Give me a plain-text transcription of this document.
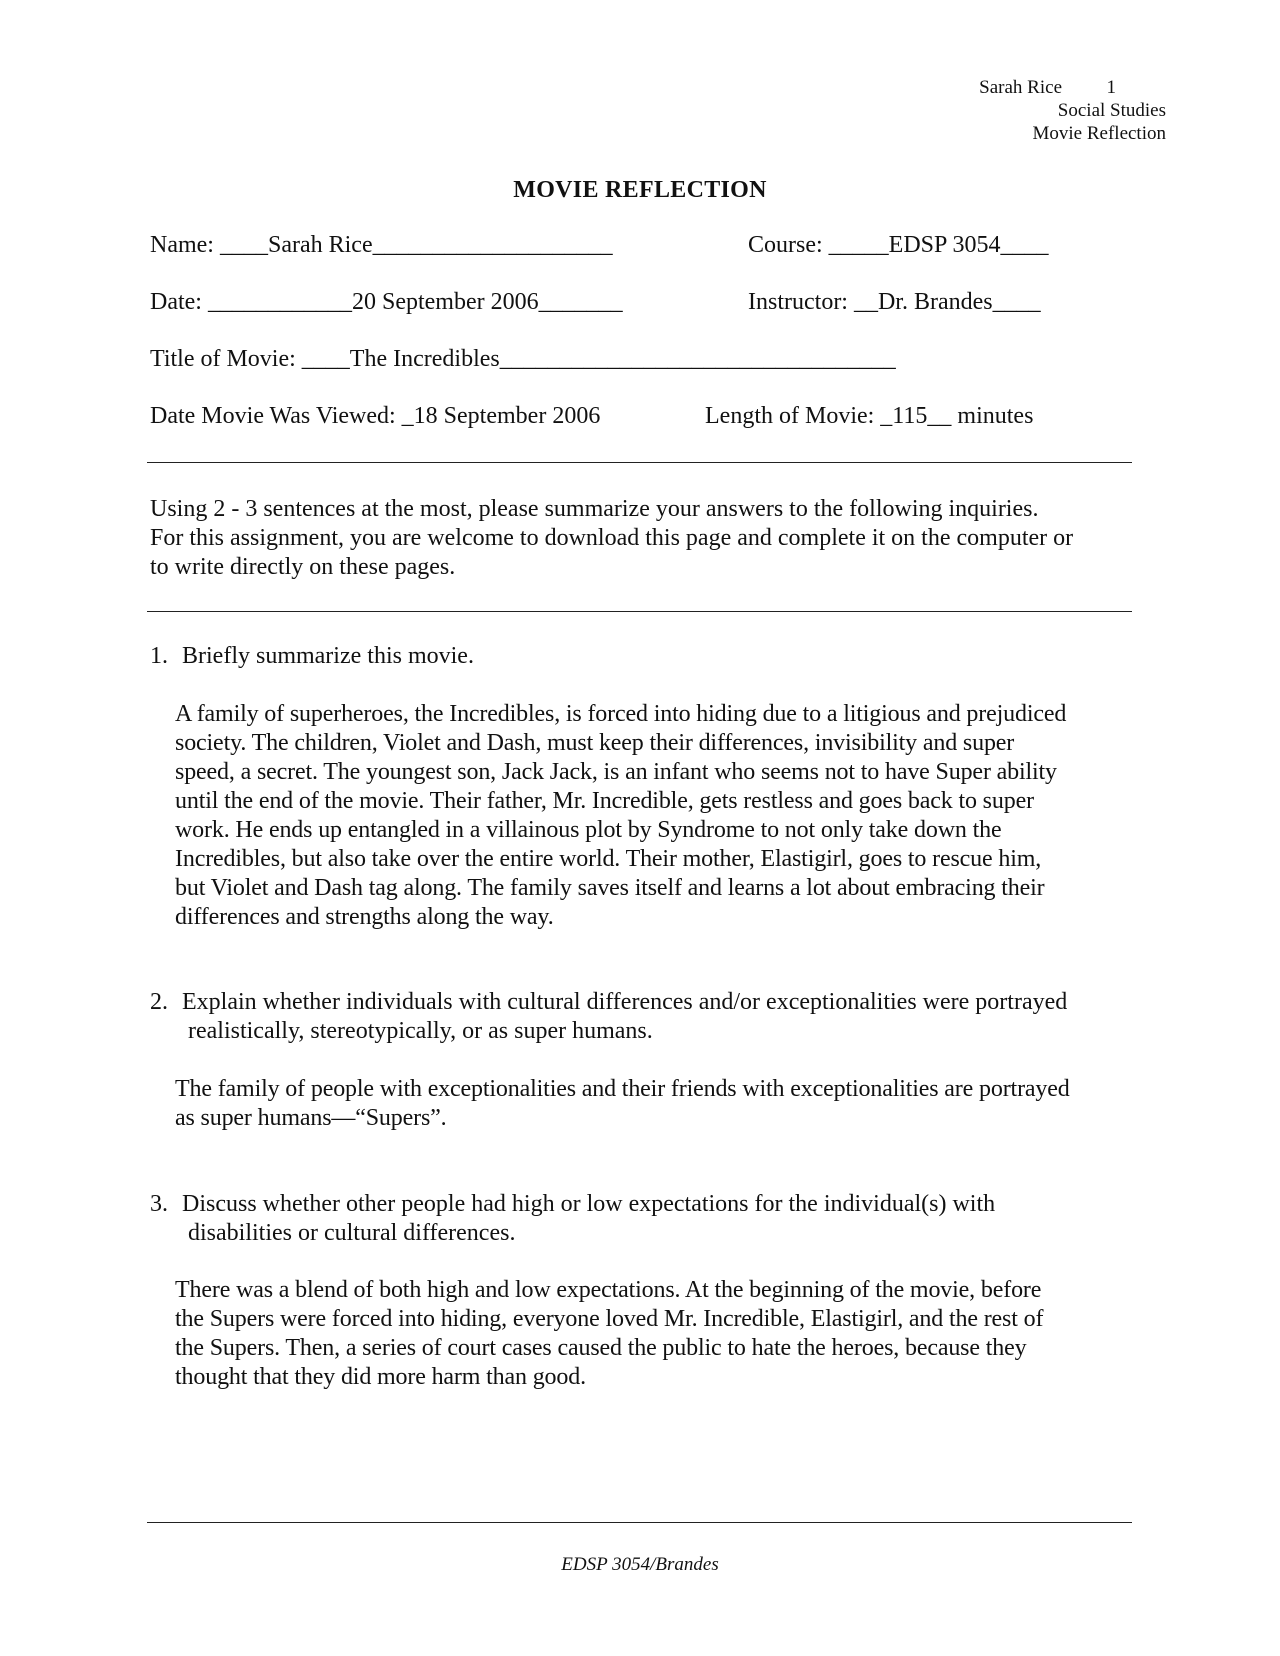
Sarah Rice 1
Social Studies
Movie Reflection
MOVIE REFLECTION
Name: ____Sarah Rice____________________	Course: _____EDSP 3054____
Date: ____________20 September 2006_______	Instructor: __Dr. Brandes____
Title of Movie: ____The Incredibles_________________________________
Date Movie Was Viewed: _18 September 2006	Length of Movie: _115__ minutes
Using 2 - 3 sentences at the most, please summarize your answers to the following inquiries.
For this assignment, you are welcome to download this page and complete it on the computer or
to write directly on these pages.
1. Briefly summarize this movie.
A family of superheroes, the Incredibles, is forced into hiding due to a litigious and prejudiced
society. The children, Violet and Dash, must keep their differences, invisibility and super
speed, a secret. The youngest son, Jack Jack, is an infant who seems not to have Super ability
until the end of the movie. Their father, Mr. Incredible, gets restless and goes back to super
work. He ends up entangled in a villainous plot by Syndrome to not only take down the
Incredibles, but also take over the entire world. Their mother, Elastigirl, goes to rescue him,
but Violet and Dash tag along. The family saves itself and learns a lot about embracing their
differences and strengths along the way.
2. Explain whether individuals with cultural differences and/or exceptionalities were portrayed
realistically, stereotypically, or as super humans.
The family of people with exceptionalities and their friends with exceptionalities are portrayed
as super humans—“Supers”.
3. Discuss whether other people had high or low expectations for the individual(s) with
disabilities or cultural differences.
There was a blend of both high and low expectations. At the beginning of the movie, before
the Supers were forced into hiding, everyone loved Mr. Incredible, Elastigirl, and the rest of
the Supers. Then, a series of court cases caused the public to hate the heroes, because they
thought that they did more harm than good.
EDSP 3054/Brandes
